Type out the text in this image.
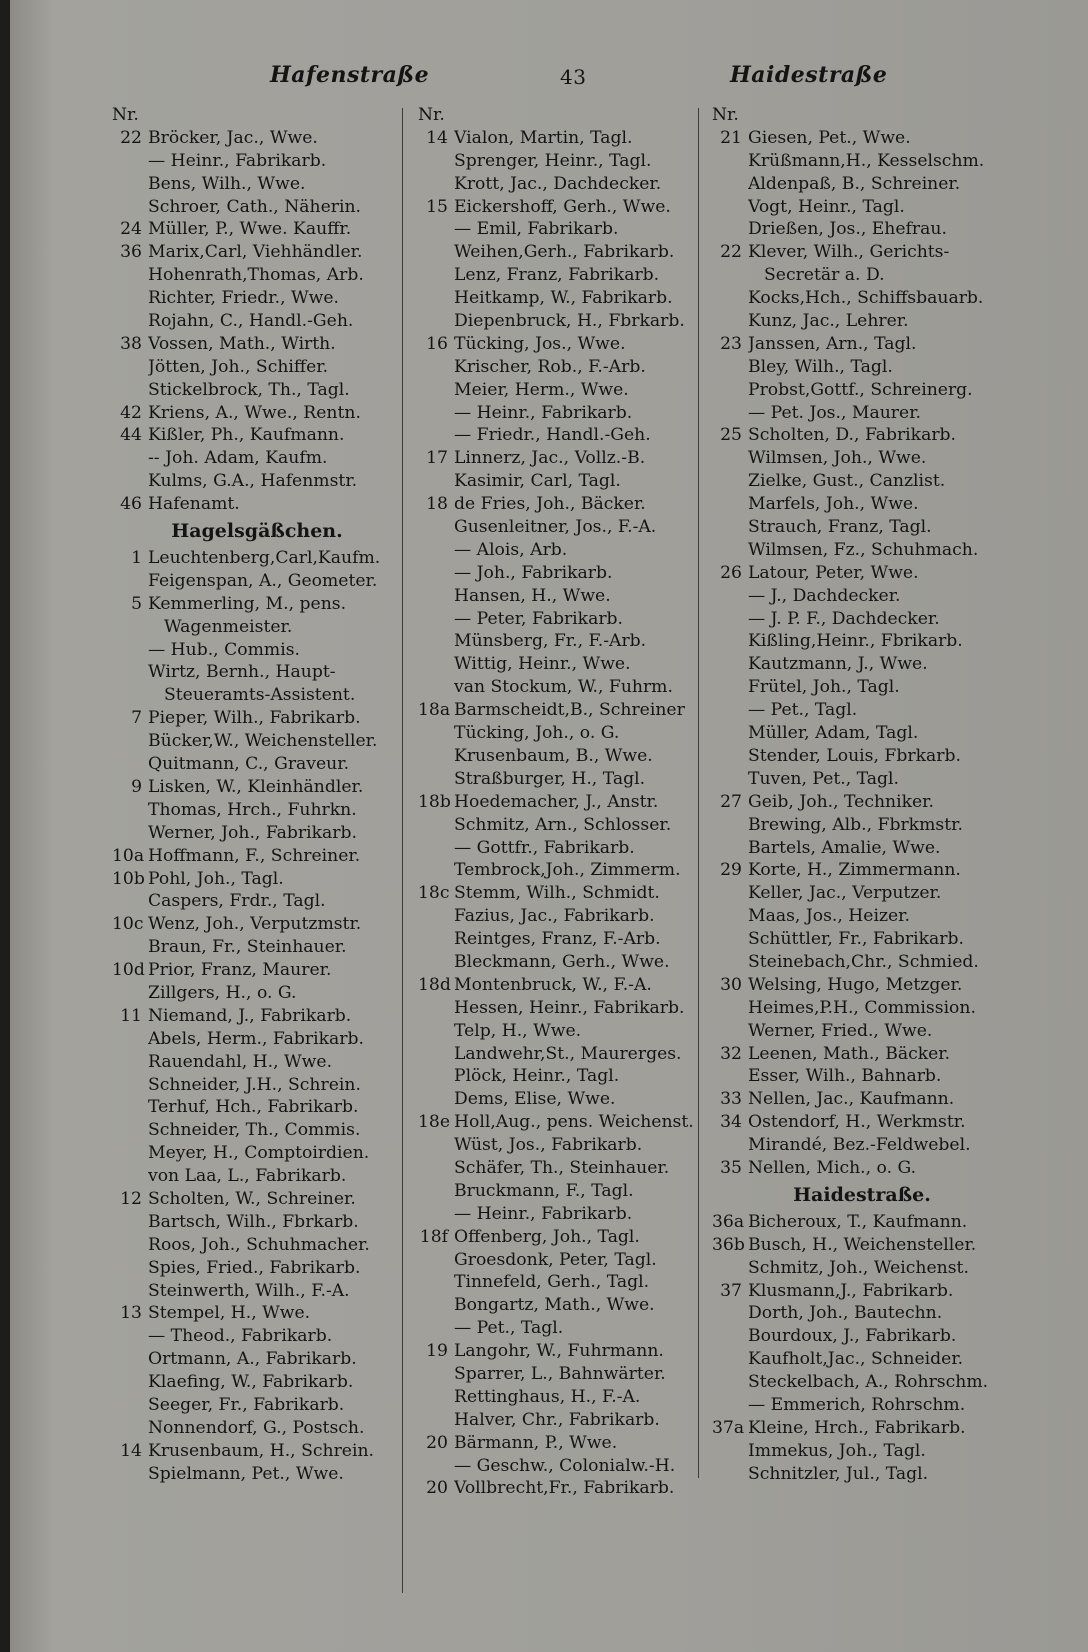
Hafenstraße	43	Haidestraße
Nr.
22 Bröcker, Jac., Wwe.
— Heinr., Fabrikarb.
Bens, Wilh., Wwe.
Schroer, Cath., Näherin.
24 Müller, P., Wwe. Kauffr.
36 Marix,Carl, Viehhändler.
Hohenrath,Thomas, Arb.
Richter, Friedr., Wwe.
Rojahn, C., Handl.-Geh.
38 Vossen, Math., Wirth.
Jötten, Joh., Schiffer.
Stickelbrock, Th., Tagl.
42 Kriens, A., Wwe., Rentn.
44 Kißler, Ph., Kaufmann.
-- Joh. Adam, Kaufm.
Kulms, G.A., Hafenmstr.
46 Hafenamt.
Hagelsgäßchen.
1 Leuchtenberg,Carl,Kaufm.
Feigenspan, A., Geometer.
5 Kemmerling, M., pens.
Wagenmeister.
— Hub., Commis.
Wirtz, Bernh., Haupt-
Steueramts-Assistent.
7 Pieper, Wilh., Fabrikarb.
Bücker,W., Weichensteller.
Quitmann, C., Graveur.
9 Lisken, W., Kleinhändler.
Thomas, Hrch., Fuhrkn.
Werner, Joh., Fabrikarb.
10a Hoffmann, F., Schreiner.
10b Pohl, Joh., Tagl.
Caspers, Frdr., Tagl.
10c Wenz, Joh., Verputzmstr.
Braun, Fr., Steinhauer.
10d Prior, Franz, Maurer.
Zillgers, H., o. G.
11 Niemand, J., Fabrikarb.
Abels, Herm., Fabrikarb.
Rauendahl, H., Wwe.
Schneider, J.H., Schrein.
Terhuf, Hch., Fabrikarb.
Schneider, Th., Commis.
Meyer, H., Comptoirdien.
von Laa, L., Fabrikarb.
12 Scholten, W., Schreiner.
Bartsch, Wilh., Fbrkarb.
Roos, Joh., Schuhmacher.
Spies, Fried., Fabrikarb.
Steinwerth, Wilh., F.-A.
13 Stempel, H., Wwe.
— Theod., Fabrikarb.
Ortmann, A., Fabrikarb.
Klaefing, W., Fabrikarb.
Seeger, Fr., Fabrikarb.
Nonnendorf, G., Postsch.
14 Krusenbaum, H., Schrein.
Spielmann, Pet., Wwe.
Nr.
14 Vialon, Martin, Tagl.
Sprenger, Heinr., Tagl.
Krott, Jac., Dachdecker.
15 Eickershoff, Gerh., Wwe.
— Emil, Fabrikarb.
Weihen,Gerh., Fabrikarb.
Lenz, Franz, Fabrikarb.
Heitkamp, W., Fabrikarb.
Diepenbruck, H., Fbrkarb.
16 Tücking, Jos., Wwe.
Krischer, Rob., F.-Arb.
Meier, Herm., Wwe.
— Heinr., Fabrikarb.
— Friedr., Handl.-Geh.
17 Linnerz, Jac., Vollz.-B.
Kasimir, Carl, Tagl.
18 de Fries, Joh., Bäcker.
Gusenleitner, Jos., F.-A.
— Alois, Arb.
— Joh., Fabrikarb.
Hansen, H., Wwe.
— Peter, Fabrikarb.
Münsberg, Fr., F.-Arb.
Wittig, Heinr., Wwe.
van Stockum, W., Fuhrm.
18a Barmscheidt,B., Schreiner
Tücking, Joh., o. G.
Krusenbaum, B., Wwe.
Straßburger, H., Tagl.
18b Hoedemacher, J., Anstr.
Schmitz, Arn., Schlosser.
— Gottfr., Fabrikarb.
Tembrock,Joh., Zimmerm.
18c Stemm, Wilh., Schmidt.
Fazius, Jac., Fabrikarb.
Reintges, Franz, F.-Arb.
Bleckmann, Gerh., Wwe.
18d Montenbruck, W., F.-A.
Hessen, Heinr., Fabrikarb.
Telp, H., Wwe.
Landwehr,St., Maurerges.
Plöck, Heinr., Tagl.
Dems, Elise, Wwe.
18e Holl,Aug., pens. Weichenst.
Wüst, Jos., Fabrikarb.
Schäfer, Th., Steinhauer.
Bruckmann, F., Tagl.
— Heinr., Fabrikarb.
18f Offenberg, Joh., Tagl.
Groesdonk, Peter, Tagl.
Tinnefeld, Gerh., Tagl.
Bongartz, Math., Wwe.
— Pet., Tagl.
19 Langohr, W., Fuhrmann.
Sparrer, L., Bahnwärter.
Rettinghaus, H., F.-A.
Halver, Chr., Fabrikarb.
20 Bärmann, P., Wwe.
— Geschw., Colonialw.-H.
20 Vollbrecht,Fr., Fabrikarb.
Nr.
21 Giesen, Pet., Wwe.
Krüßmann,H., Kesselschm.
Aldenpaß, B., Schreiner.
Vogt, Heinr., Tagl.
Drießen, Jos., Ehefrau.
22 Klever, Wilh., Gerichts-
Secretär a. D.
Kocks,Hch., Schiffsbauarb.
Kunz, Jac., Lehrer.
23 Janssen, Arn., Tagl.
Bley, Wilh., Tagl.
Probst,Gottf., Schreinerg.
— Pet. Jos., Maurer.
25 Scholten, D., Fabrikarb.
Wilmsen, Joh., Wwe.
Zielke, Gust., Canzlist.
Marfels, Joh., Wwe.
Strauch, Franz, Tagl.
Wilmsen, Fz., Schuhmach.
26 Latour, Peter, Wwe.
— J., Dachdecker.
— J. P. F., Dachdecker.
Kißling,Heinr., Fbrikarb.
Kautzmann, J., Wwe.
Frütel, Joh., Tagl.
— Pet., Tagl.
Müller, Adam, Tagl.
Stender, Louis, Fbrkarb.
Tuven, Pet., Tagl.
27 Geib, Joh., Techniker.
Brewing, Alb., Fbrkmstr.
Bartels, Amalie, Wwe.
29 Korte, H., Zimmermann.
Keller, Jac., Verputzer.
Maas, Jos., Heizer.
Schüttler, Fr., Fabrikarb.
Steinebach,Chr., Schmied.
30 Welsing, Hugo, Metzger.
Heimes,P.H., Commission.
Werner, Fried., Wwe.
32 Leenen, Math., Bäcker.
Esser, Wilh., Bahnarb.
33 Nellen, Jac., Kaufmann.
34 Ostendorf, H., Werkmstr.
Mirandé, Bez.-Feldwebel.
35 Nellen, Mich., o. G.
Haidestraße.
36a Bicheroux, T., Kaufmann.
36b Busch, H., Weichensteller.
Schmitz, Joh., Weichenst.
37 Klusmann,J., Fabrikarb.
Dorth, Joh., Bautechn.
Bourdoux, J., Fabrikarb.
Kaufholt,Jac., Schneider.
Steckelbach, A., Rohrschm.
— Emmerich, Rohrschm.
37a Kleine, Hrch., Fabrikarb.
Immekus, Joh., Tagl.
Schnitzler, Jul., Tagl.
